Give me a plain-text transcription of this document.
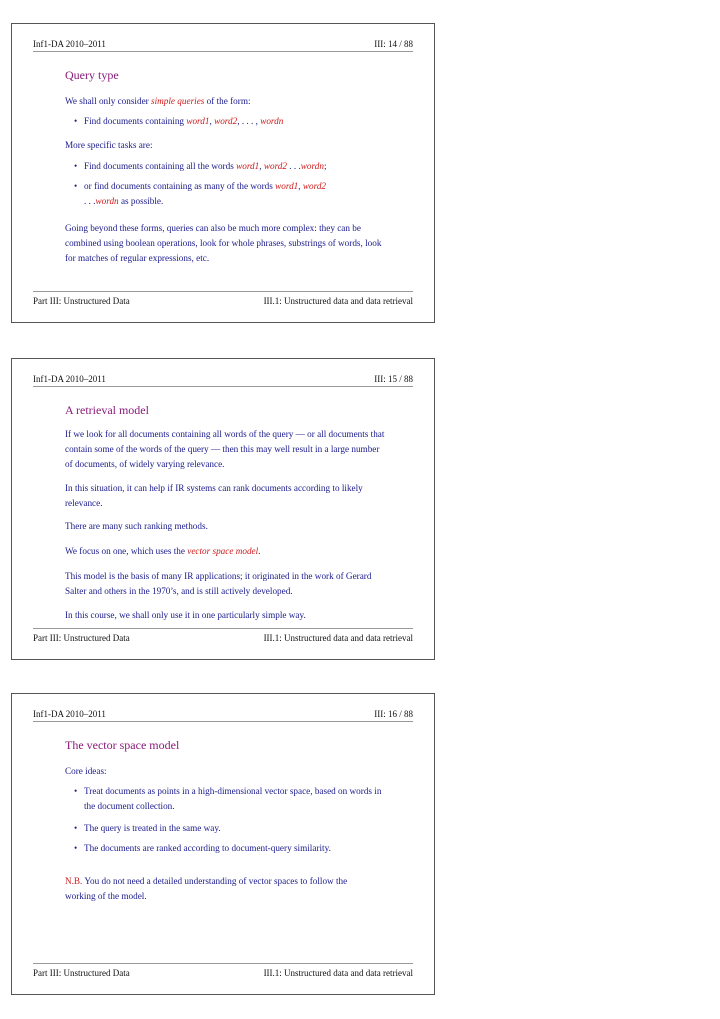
Inf1-DA 2010–2011	III: 14 / 88
Query type

We shall only consider simple queries of the form:

• Find documents containing word1, word2, . . . , wordn

More specific tasks are:

• Find documents containing all the words word1, word2 . . .wordn;

• or find documents containing as many of the words word1, word2
. . .wordn as possible.

Going beyond these forms, queries can also be much more complex: they can be combined using boolean operations, look for whole phrases, substrings of words, look for matches of regular expressions, etc.

Part III: Unstructured Data	III.1: Unstructured data and data retrieval
Inf1-DA 2010–2011	III: 15 / 88
A retrieval model

If we look for all documents containing all words of the query — or all documents that contain some of the words of the query — then this may well result in a large number of documents, of widely varying relevance.

In this situation, it can help if IR systems can rank documents according to likely relevance.

There are many such ranking methods.

We focus on one, which uses the vector space model.

This model is the basis of many IR applications; it originated in the work of Gerard Salter and others in the 1970’s, and is still actively developed.

In this course, we shall only use it in one particularly simple way.

Part III: Unstructured Data	III.1: Unstructured data and data retrieval
Inf1-DA 2010–2011	III: 16 / 88
The vector space model

Core ideas:

• Treat documents as points in a high-dimensional vector space, based on words in the document collection.

• The query is treated in the same way.

• The documents are ranked according to document-query similarity.

N.B. You do not need a detailed understanding of vector spaces to follow the working of the model.

Part III: Unstructured Data	III.1: Unstructured data and data retrieval
